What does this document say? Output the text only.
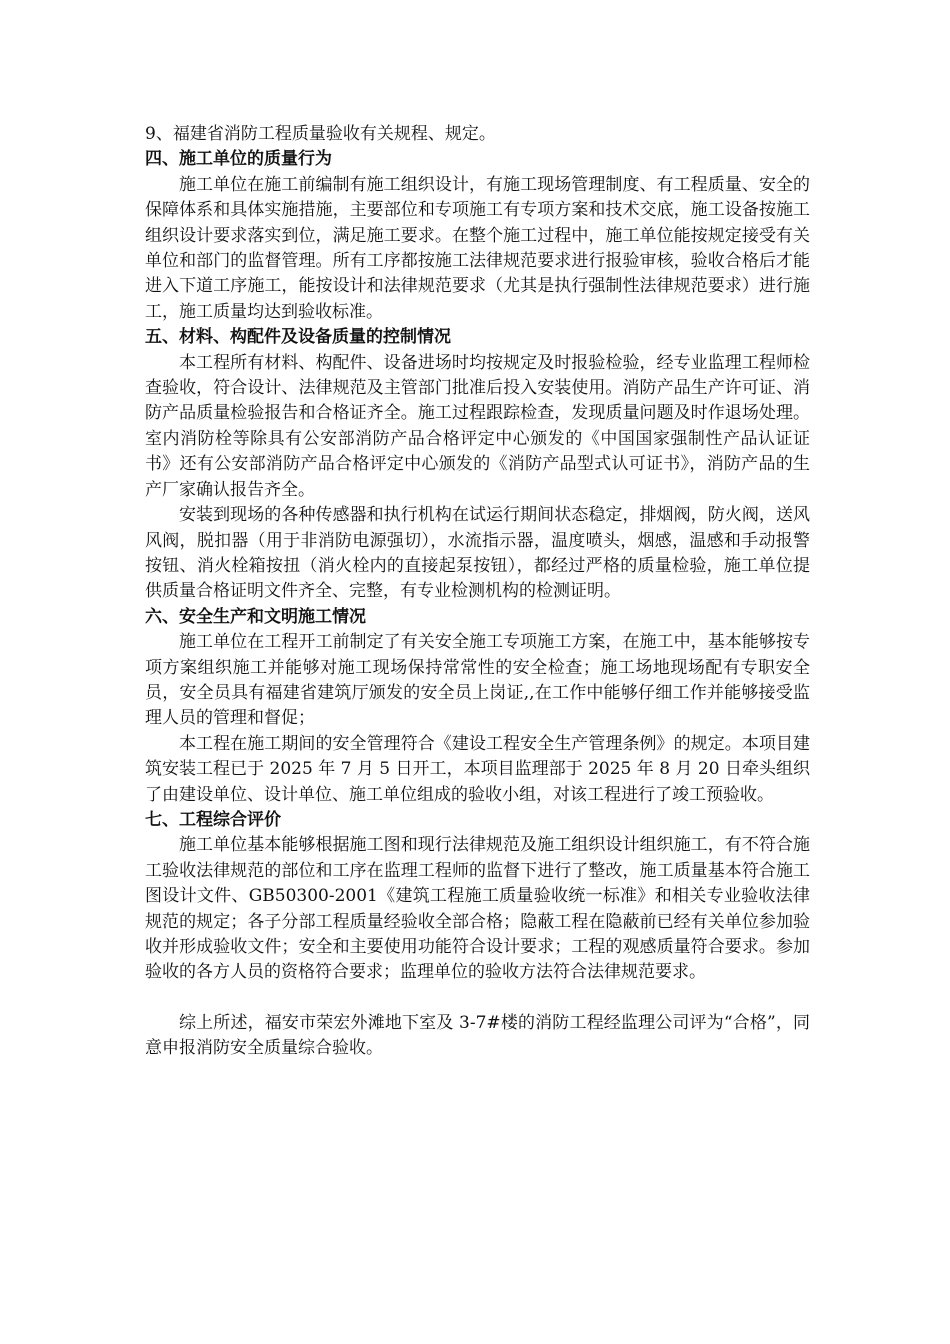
9、福建省消防工程质量验收有关规程、规定。

四、施工单位的质量行为

施工单位在施工前编制有施工组织设计，有施工现场管理制度、有工程质量、安全的保障体系和具体实施措施，主要部位和专项施工有专项方案和技术交底，施工设备按施工组织设计要求落实到位，满足施工要求。在整个施工过程中，施工单位能按规定接受有关单位和部门的监督管理。所有工序都按施工法律规范要求进行报验审核，验收合格后才能进入下道工序施工，能按设计和法律规范要求（尤其是执行强制性法律规范要求）进行施工，施工质量均达到验收标准。

五、材料、构配件及设备质量的控制情况

本工程所有材料、构配件、设备进场时均按规定及时报验检验，经专业监理工程师检查验收，符合设计、法律规范及主管部门批准后投入安装使用。消防产品生产许可证、消防产品质量检验报告和合格证齐全。施工过程跟踪检查，发现质量问题及时作退场处理。室内消防栓等除具有公安部消防产品合格评定中心颁发的《中国国家强制性产品认证证书》还有公安部消防产品合格评定中心颁发的《消防产品型式认可证书》，消防产品的生产厂家确认报告齐全。

安装到现场的各种传感器和执行机构在试运行期间状态稳定，排烟阀，防火阀，送风风阀，脱扣器（用于非消防电源强切），水流指示器，温度喷头，烟感，温感和手动报警按钮、消火栓箱按扭（消火栓内的直接起泵按钮），都经过严格的质量检验，施工单位提供质量合格证明文件齐全、完整，有专业检测机构的检测证明。

六、安全生产和文明施工情况

施工单位在工程开工前制定了有关安全施工专项施工方案，在施工中，基本能够按专项方案组织施工并能够对施工现场保持常常性的安全检查；施工场地现场配有专职安全员，安全员具有福建省建筑厅颁发的安全员上岗证,,在工作中能够仔细工作并能够接受监理人员的管理和督促；

本工程在施工期间的安全管理符合《建设工程安全生产管理条例》的规定。本项目建筑安装工程已于 2025 年 7 月 5 日开工，本项目监理部于 2025 年 8 月 20 日牵头组织了由建设单位、设计单位、施工单位组成的验收小组，对该工程进行了竣工预验收。

七、工程综合评价

施工单位基本能够根据施工图和现行法律规范及施工组织设计组织施工，有不符合施工验收法律规范的部位和工序在监理工程师的监督下进行了整改，施工质量基本符合施工图设计文件、GB50300-2001《建筑工程施工质量验收统一标准》和相关专业验收法律规范的规定；各子分部工程质量经验收全部合格；隐蔽工程在隐蔽前已经有关单位参加验收并形成验收文件；安全和主要使用功能符合设计要求；工程的观感质量符合要求。参加验收的各方人员的资格符合要求；监理单位的验收方法符合法律规范要求。

综上所述，福安市荣宏外滩地下室及 3-7#楼的消防工程经监理公司评为“合格”，同意申报消防安全质量综合验收。
